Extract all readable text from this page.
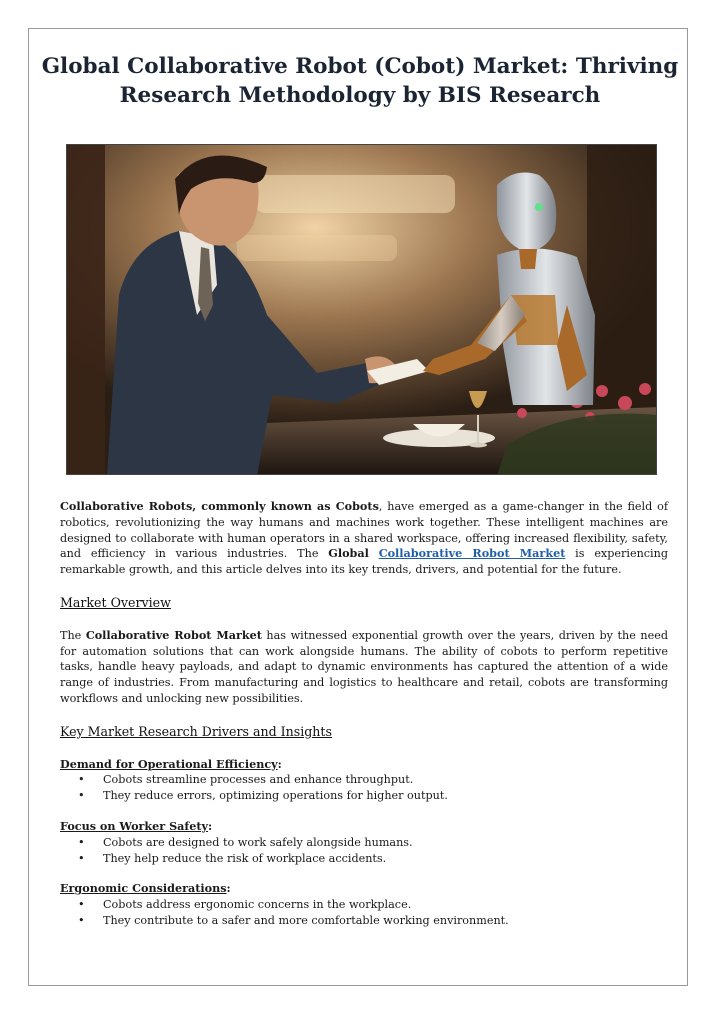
Global Collaborative Robot (Cobot) Market: Thriving Research Methodology by BIS Research

Collaborative Robots, commonly known as Cobots, have emerged as a game-changer in the field of robotics, revolutionizing the way humans and machines work together. These intelligent machines are designed to collaborate with human operators in a shared workspace, offering increased flexibility, safety, and efficiency in various industries. The Global Collaborative Robot Market is experiencing remarkable growth, and this article delves into its key trends, drivers, and potential for the future.

Market Overview

The Collaborative Robot Market has witnessed exponential growth over the years, driven by the need for automation solutions that can work alongside humans. The ability of cobots to perform repetitive tasks, handle heavy payloads, and adapt to dynamic environments has captured the attention of a wide range of industries. From manufacturing and logistics to healthcare and retail, cobots are transforming workflows and unlocking new possibilities.

Key Market Research Drivers and Insights

Demand for Operational Efficiency:

• Cobots streamline processes and enhance throughput.
• They reduce errors, optimizing operations for higher output.

Focus on Worker Safety:

• Cobots are designed to work safely alongside humans.
• They help reduce the risk of workplace accidents.

Ergonomic Considerations:

• Cobots address ergonomic concerns in the workplace.
• They contribute to a safer and more comfortable working environment.
